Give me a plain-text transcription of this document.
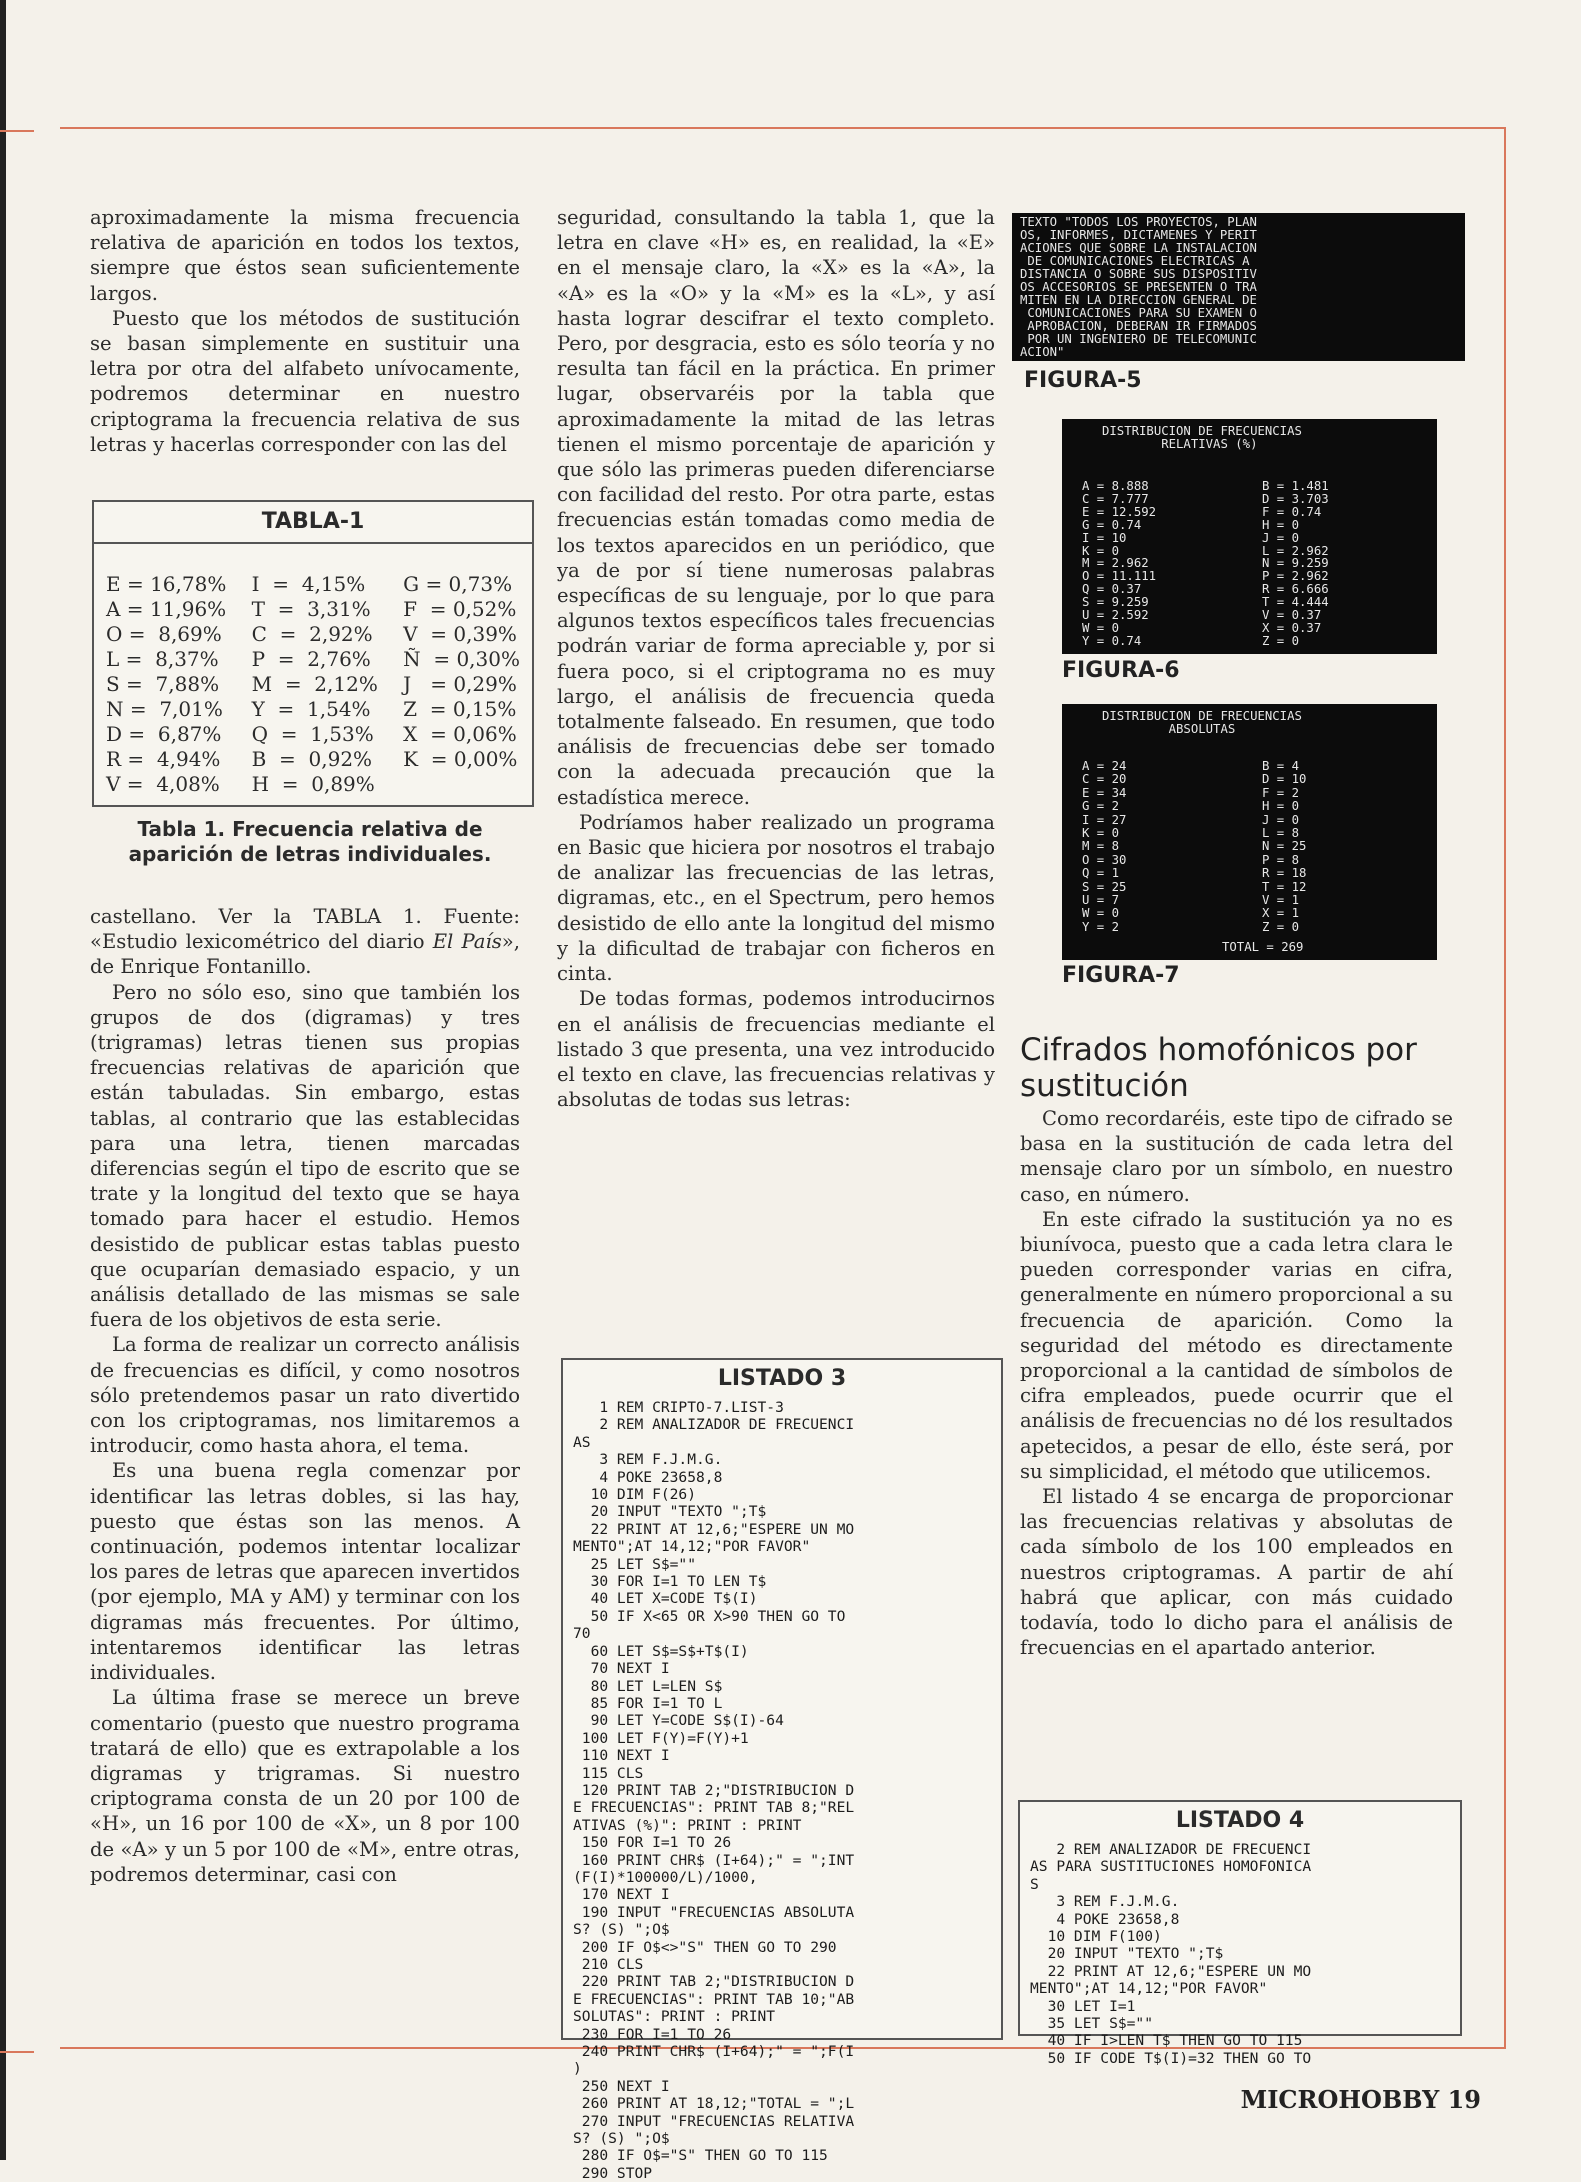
aproximadamente la misma frecuencia relativa de aparición en todos los textos, siempre que éstos sean suficientemente largos.

Puesto que los métodos de sustitución se basan simplemente en sustituir una letra por otra del alfabeto unívocamente, podremos determinar en nuestro criptograma la frecuencia relativa de sus letras y hacerlas corresponder con las del

TABLA-1
E = 16,78%
A = 11,96%
O =  8,69%
L =  8,37%
S =  7,88%
N =  7,01%
D =  6,87%
R =  4,94%
V =  4,08%
I  =  4,15%
T  =  3,31%
C  =  2,92%
P  =  2,76%
M  =  2,12%
Y  =  1,54%
Q  =  1,53%
B  =  0,92%
H  =  0,89%
G = 0,73%
F  = 0,52%
V  = 0,39%
Ñ  = 0,30%
J   = 0,29%
Z  = 0,15%
X  = 0,06%
K  = 0,00%
Tabla 1. Frecuencia relativa de aparición de letras individuales.

castellano. Ver la TABLA 1. Fuente: «Estudio lexicométrico del diario El País», de Enrique Fontanillo.

Pero no sólo eso, sino que también los grupos de dos (digramas) y tres (trigramas) letras tienen sus propias frecuencias relativas de aparición que están tabuladas. Sin embargo, estas tablas, al contrario que las establecidas para una letra, tienen marcadas diferencias según el tipo de escrito que se trate y la longitud del texto que se haya tomado para hacer el estudio. Hemos desistido de publicar estas tablas puesto que ocuparían demasiado espacio, y un análisis detallado de las mismas se sale fuera de los objetivos de esta serie.

La forma de realizar un correcto análisis de frecuencias es difícil, y como nosotros sólo pretendemos pasar un rato divertido con los criptogramas, nos limitaremos a introducir, como hasta ahora, el tema.

Es una buena regla comenzar por identificar las letras dobles, si las hay, puesto que éstas son las menos. A continuación, podemos intentar localizar los pares de letras que aparecen invertidos (por ejemplo, MA y AM) y terminar con los digramas más frecuentes. Por último, intentaremos identificar las letras individuales.

La última frase se merece un breve comentario (puesto que nuestro programa tratará de ello) que es extrapolable a los digramas y trigramas. Si nuestro criptograma consta de un 20 por 100 de «H», un 16 por 100 de «X», un 8 por 100 de «A» y un 5 por 100 de «M», entre otras, podremos determinar, casi con

seguridad, consultando la tabla 1, que la letra en clave «H» es, en realidad, la «E» en el mensaje claro, la «X» es la «A», la «A» es la «O» y la «M» es la «L», y así hasta lograr descifrar el texto completo. Pero, por desgracia, esto es sólo teoría y no resulta tan fácil en la práctica. En primer lugar, observaréis por la tabla que aproximadamente la mitad de las letras tienen el mismo porcentaje de aparición y que sólo las primeras pueden diferenciarse con facilidad del resto. Por otra parte, estas frecuencias están tomadas como media de los textos aparecidos en un periódico, que ya de por sí tiene numerosas palabras específicas de su lenguaje, por lo que para algunos textos específicos tales frecuencias podrán variar de forma apreciable y, por si fuera poco, si el criptograma no es muy largo, el análisis de frecuencia queda totalmente falseado. En resumen, que todo análisis de frecuencias debe ser tomado con la adecuada precaución que la estadística merece.

Podríamos haber realizado un programa en Basic que hiciera por nosotros el trabajo de analizar las frecuencias de las letras, digramas, etc., en el Spectrum, pero hemos desistido de ello ante la longitud del mismo y la dificultad de trabajar con ficheros en cinta.

De todas formas, podemos introducirnos en el análisis de frecuencias mediante el listado 3 que presenta, una vez introducido el texto en clave, las frecuencias relativas y absolutas de todas sus letras:

LISTADO 3
1 REM CRIPTO-7.LIST-3
2 REM ANALIZADOR DE FRECUENCI
AS
3 REM F.J.M.G.
4 POKE 23658,8
10 DIM F(26)
20 INPUT "TEXTO ";T$
22 PRINT AT 12,6;"ESPERE UN MO
MENTO";AT 14,12;"POR FAVOR"
25 LET S$=""
30 FOR I=1 TO LEN T$
40 LET X=CODE T$(I)
50 IF X<65 OR X>90 THEN GO TO
70
60 LET S$=S$+T$(I)
70 NEXT I
80 LET L=LEN S$
85 FOR I=1 TO L
90 LET Y=CODE S$(I)-64
100 LET F(Y)=F(Y)+1
110 NEXT I
115 CLS
120 PRINT TAB 2;"DISTRIBUCION D
E FRECUENCIAS": PRINT TAB 8;"REL
ATIVAS (%)": PRINT : PRINT
150 FOR I=1 TO 26
160 PRINT CHR$ (I+64);" = ";INT
(F(I)*100000/L)/1000,
170 NEXT I
190 INPUT "FRECUENCIAS ABSOLUTA
S? (S) ";O$
200 IF O$<>"S" THEN GO TO 290
210 CLS
220 PRINT TAB 2;"DISTRIBUCION D
E FRECUENCIAS": PRINT TAB 10;"AB
SOLUTAS": PRINT : PRINT
230 FOR I=1 TO 26
240 PRINT CHR$ (I+64);" = ";F(I
)
250 NEXT I
260 PRINT AT 18,12;"TOTAL = ";L
270 INPUT "FRECUENCIAS RELATIVA
S? (S) ";O$
280 IF O$="S" THEN GO TO 115
290 STOP
TEXTO "TODOS LOS PROYECTOS, PLAN
OS, INFORMES, DICTAMENES Y PERIT
ACIONES QUE SOBRE LA INSTALACION
DE COMUNICACIONES ELECTRICAS A
DISTANCIA O SOBRE SUS DISPOSITIV
OS ACCESORIOS SE PRESENTEN O TRA
MITEN EN LA DIRECCION GENERAL DE
COMUNICACIONES PARA SU EXAMEN O
APROBACION, DEBERAN IR FIRMADOS
POR UN INGENIERO DE TELECOMUNIC
ACION"
FIGURA-5
DISTRIBUCION DE FRECUENCIAS
RELATIVAS (%)
A = 8.888
C = 7.777
E = 12.592
G = 0.74
I = 10
K = 0
M = 2.962
O = 11.111
Q = 0.37
S = 9.259
U = 2.592
W = 0
Y = 0.74
B = 1.481
D = 3.703
F = 0.74
H = 0
J = 0
L = 2.962
N = 9.259
P = 2.962
R = 6.666
T = 4.444
V = 0.37
X = 0.37
Z = 0
FIGURA-6
DISTRIBUCION DE FRECUENCIAS
ABSOLUTAS
A = 24
C = 20
E = 34
G = 2
I = 27
K = 0
M = 8
O = 30
Q = 1
S = 25
U = 7
W = 0
Y = 2
B = 4
D = 10
F = 2
H = 0
J = 0
L = 8
N = 25
P = 8
R = 18
T = 12
V = 1
X = 1
Z = 0
TOTAL = 269
FIGURA-7
Cifrados homofónicos por sustitución

Como recordaréis, este tipo de cifrado se basa en la sustitución de cada letra del mensaje claro por un símbolo, en nuestro caso, en número.

En este cifrado la sustitución ya no es biunívoca, puesto que a cada letra clara le pueden corresponder varias en cifra, generalmente en número proporcional a su frecuencia de aparición. Como la seguridad del método es directamente proporcional a la cantidad de símbolos de cifra empleados, puede ocurrir que el análisis de frecuencias no dé los resultados apetecidos, a pesar de ello, éste será, por su simplicidad, el método que utilicemos.

El listado 4 se encarga de proporcionar las frecuencias relativas y absolutas de cada símbolo de los 100 empleados en nuestros criptogramas. A partir de ahí habrá que aplicar, con más cuidado todavía, todo lo dicho para el análisis de frecuencias en el apartado anterior.

LISTADO 4
2 REM ANALIZADOR DE FRECUENCI
AS PARA SUSTITUCIONES HOMOFONICA
S
3 REM F.J.M.G.
4 POKE 23658,8
10 DIM F(100)
20 INPUT "TEXTO ";T$
22 PRINT AT 12,6;"ESPERE UN MO
MENTO";AT 14,12;"POR FAVOR"
30 LET I=1
35 LET S$=""
40 IF I>LEN T$ THEN GO TO 115
50 IF CODE T$(I)=32 THEN GO TO
MICROHOBBY 19
